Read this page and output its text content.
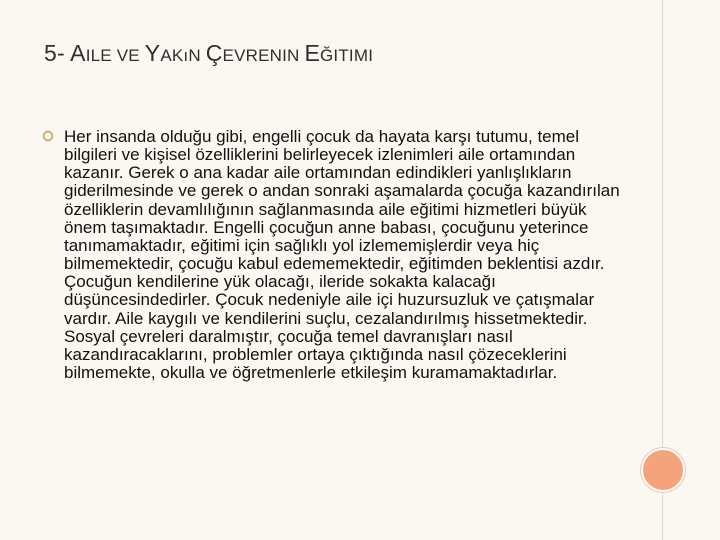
5- AILE VE YAKıN ÇEVRENIN EĞITIMI
Her insanda olduğu gibi, engelli çocuk da hayata karşı tutumu, temel bilgileri ve kişisel özelliklerini belirleyecek izlenimleri aile ortamından kazanır. Gerek o ana kadar aile ortamından edindikleri yanlışlıkların giderilmesinde ve gerek o andan sonraki aşamalarda çocuğa kazandırılan özelliklerin devamlılığının sağlanmasında aile eğitimi hizmetleri büyük önem taşımaktadır. Engelli çocuğun anne babası, çocuğunu yeterince tanımamaktadır, eğitimi için sağlıklı yol izlememişlerdir veya hiç bilmemektedir, çocuğu kabul edememektedir, eğitimden beklentisi azdır. Çocuğun kendilerine yük olacağı, ileride sokakta kalacağı düşüncesindedirler. Çocuk nedeniyle aile içi huzursuzluk ve çatışmalar vardır. Aile kaygılı ve kendilerini suçlu, cezalandırılmış hissetmektedir. Sosyal çevreleri daralmıştır, çocuğa temel davranışları nasıl kazandıracaklarını, problemler ortaya çıktığında nasıl çözeceklerini bilmemekte, okulla ve öğretmenlerle etkileşim kuramamaktadırlar.
